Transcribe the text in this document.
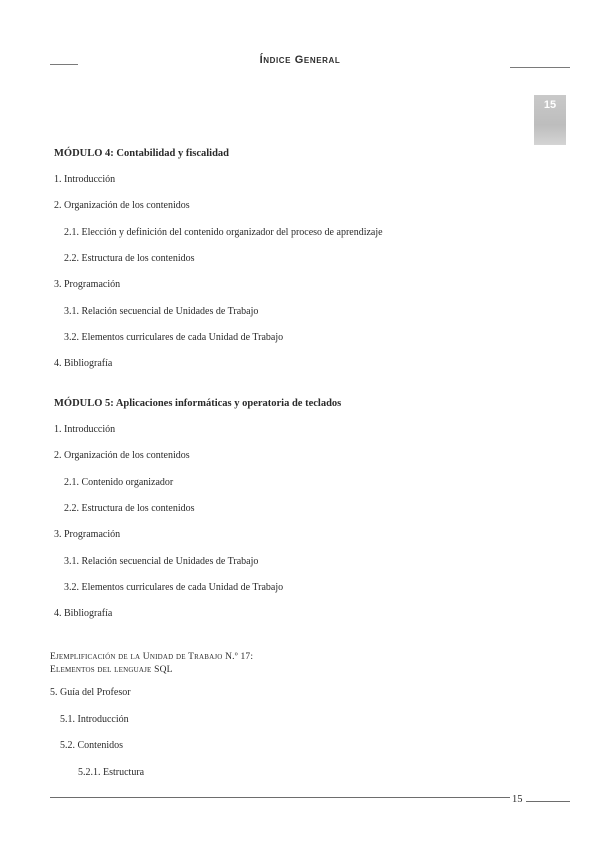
Índice General
15
MÓDULO 4: Contabilidad y fiscalidad
1. Introducción
2. Organización de los contenidos
2.1. Elección y definición del contenido organizador del proceso de aprendizaje
2.2. Estructura de los contenidos
3. Programación
3.1. Relación secuencial de Unidades de Trabajo
3.2. Elementos curriculares de cada Unidad de Trabajo
4. Bibliografía
MÓDULO 5: Aplicaciones informáticas y operatoria de teclados
1. Introducción
2. Organización de los contenidos
2.1. Contenido organizador
2.2. Estructura de los contenidos
3. Programación
3.1. Relación secuencial de Unidades de Trabajo
3.2. Elementos curriculares de cada Unidad de Trabajo
4. Bibliografía
Ejemplificación de la Unidad de Trabajo N.º 17:
Elementos del lenguaje SQL
5. Guía del Profesor
5.1. Introducción
5.2. Contenidos
5.2.1. Estructura
15
